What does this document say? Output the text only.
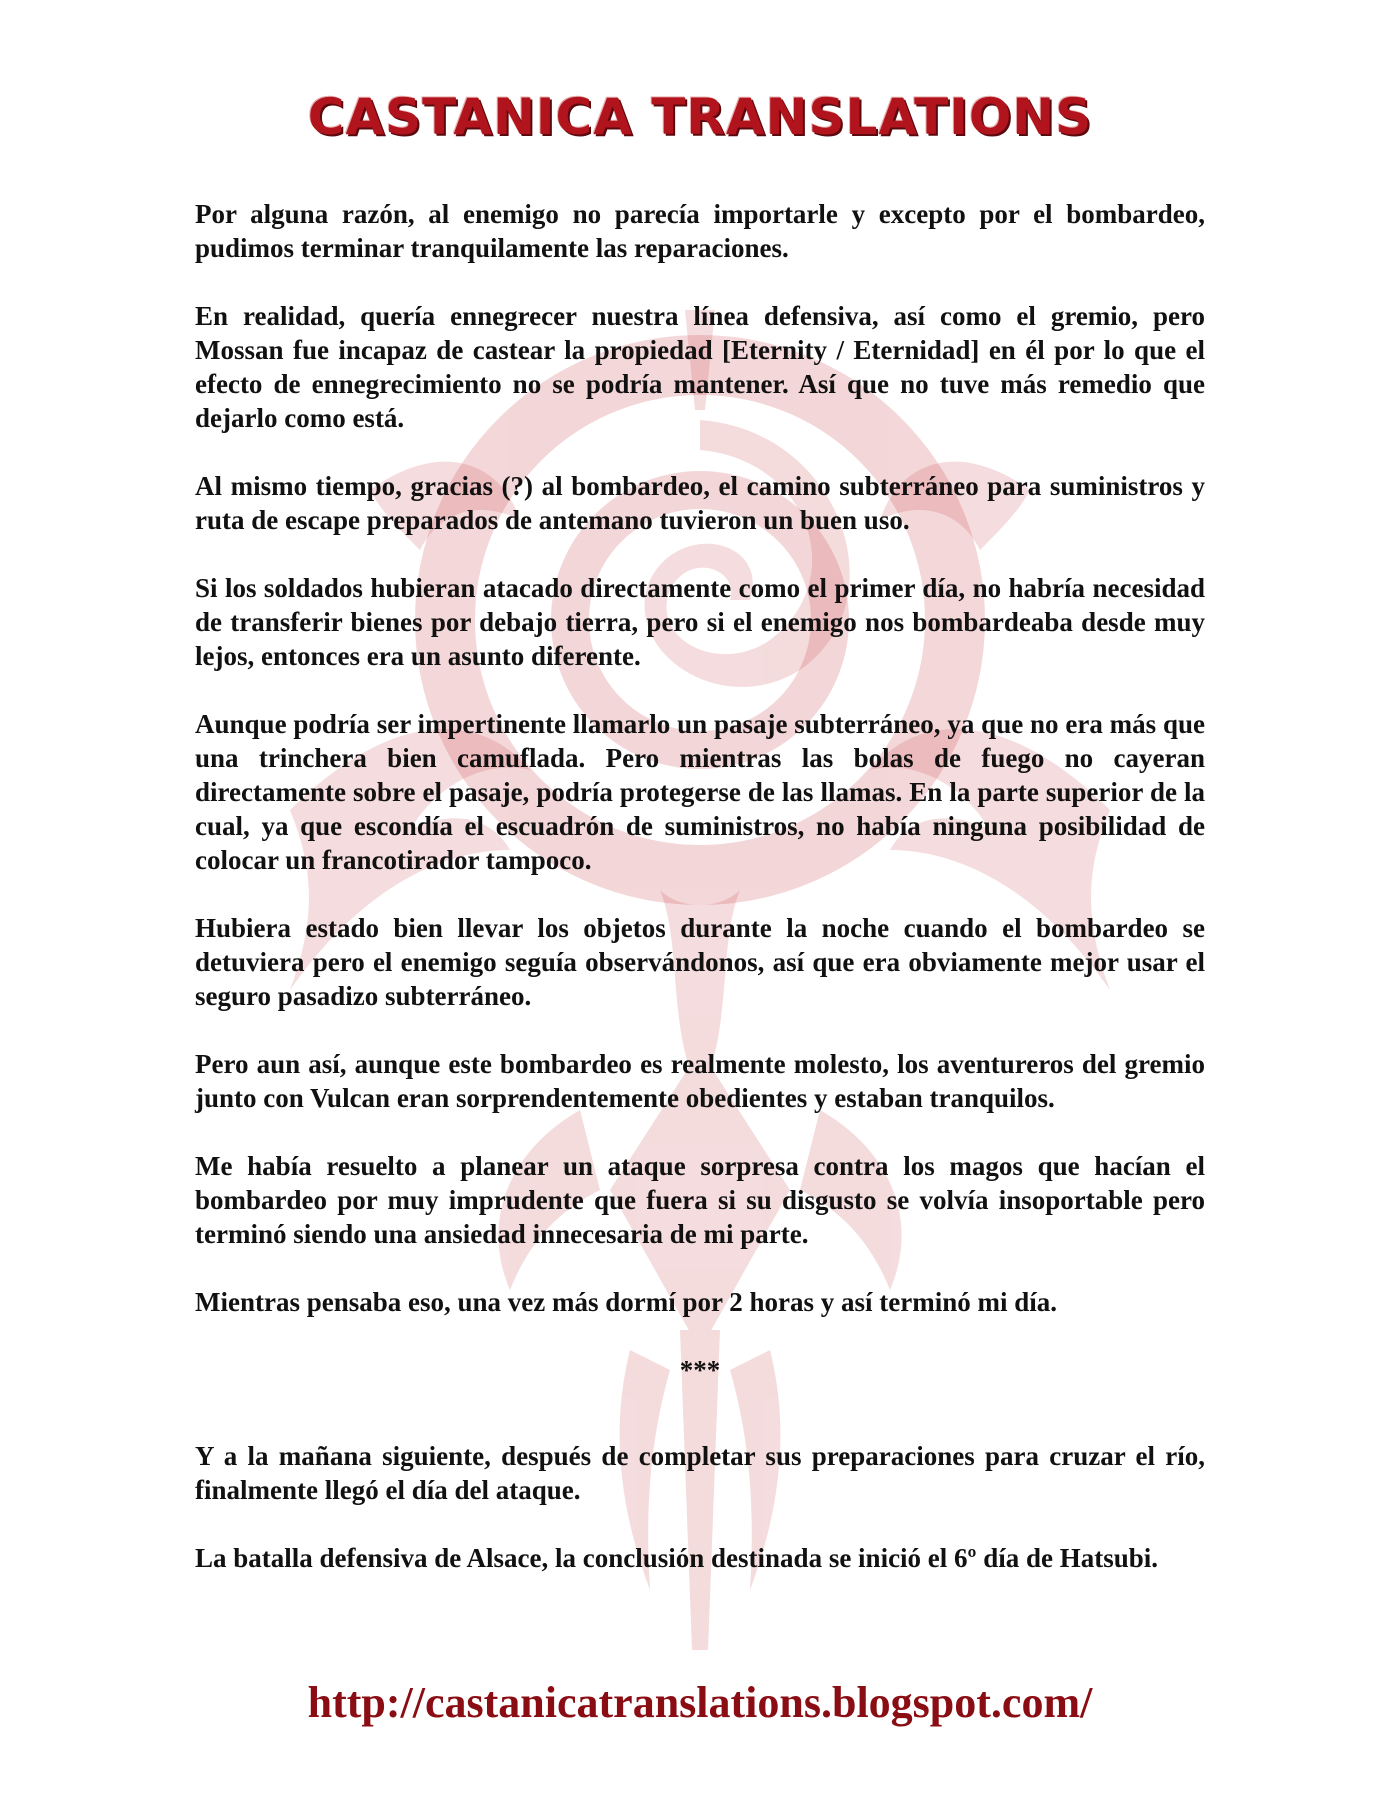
CASTANICA TRANSLATIONS

Por alguna razón, al enemigo no parecía importarle y excepto por el bombardeo, pudimos terminar tranquilamente las reparaciones.

En realidad, quería ennegrecer nuestra línea defensiva, así como el gremio, pero Mossan fue incapaz de castear la propiedad [Eternity / Eternidad] en él por lo que el efecto de ennegrecimiento no se podría mantener. Así que no tuve más remedio que dejarlo como está.

Al mismo tiempo, gracias (?) al bombardeo, el camino subterráneo para suministros y ruta de escape preparados de antemano tuvieron un buen uso.

Si los soldados hubieran atacado directamente como el primer día, no habría necesidad de transferir bienes por debajo tierra, pero si el enemigo nos bombardeaba desde muy lejos, entonces era un asunto diferente.

Aunque podría ser impertinente llamarlo un pasaje subterráneo, ya que no era más que una trinchera bien camuflada. Pero mientras las bolas de fuego no cayeran directamente sobre el pasaje, podría protegerse de las llamas. En la parte superior de la cual, ya que escondía el escuadrón de suministros, no había ninguna posibilidad de colocar un francotirador tampoco.

Hubiera estado bien llevar los objetos durante la noche cuando el bombardeo se detuviera pero el enemigo seguía observándonos, así que era obviamente mejor usar el seguro pasadizo subterráneo.

Pero aun así, aunque este bombardeo es realmente molesto, los aventureros del gremio junto con Vulcan eran sorprendentemente obedientes y estaban tranquilos.

Me había resuelto a planear un ataque sorpresa contra los magos que hacían el bombardeo por muy imprudente que fuera si su disgusto se volvía insoportable pero terminó siendo una ansiedad innecesaria de mi parte.

Mientras pensaba eso, una vez más dormí por 2 horas y así terminó mi día.

***

Y a la mañana siguiente, después de completar sus preparaciones para cruzar el río, finalmente llegó el día del ataque.

La batalla defensiva de Alsace, la conclusión destinada se inició el 6º día de Hatsubi.

http://castanicatranslations.blogspot.com/
